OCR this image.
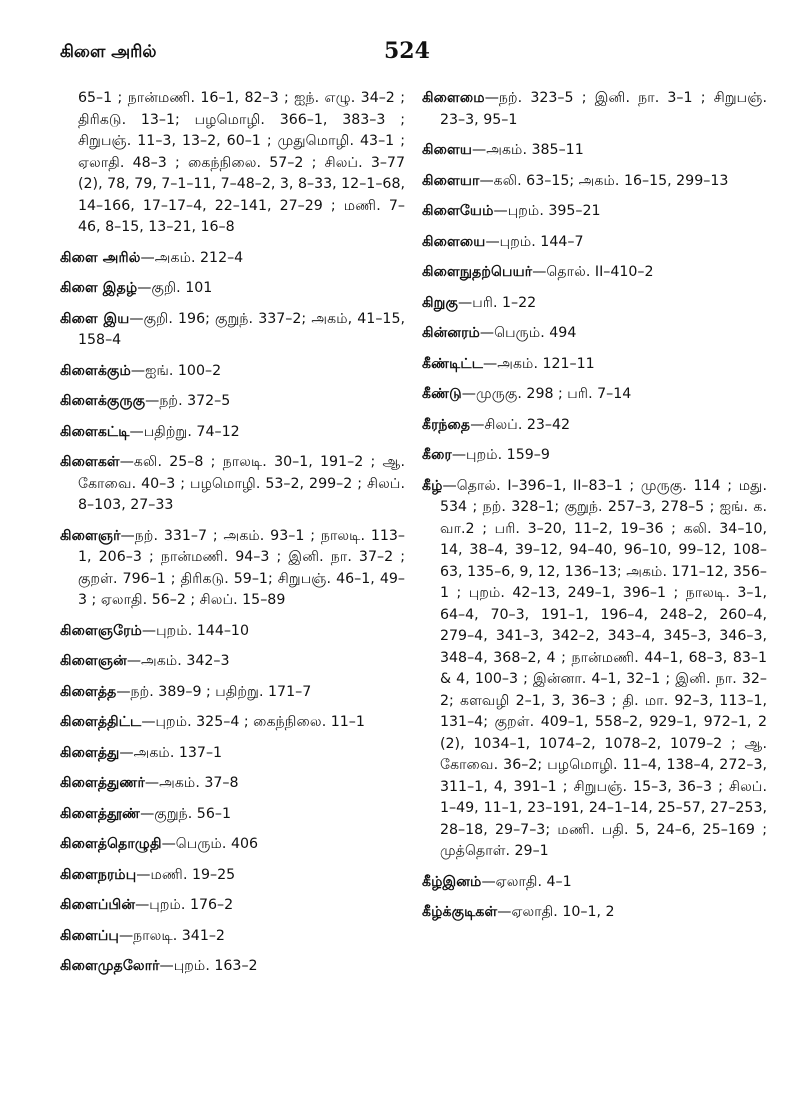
கிளை அரில்	524

65–1 ; நான்மணி. 16–1, 82–3 ; ஐந். எழு. 34–2 ; திரிகடு. 13–1; பழமொழி. 366–1, 383–3 ; சிறுபஞ். 11–3, 13–2, 60–1 ; முதுமொழி. 43–1 ; ஏலாதி. 48–3 ; கைந்நிலை. 57–2 ; சிலப். 3–77 (2), 78, 79, 7–1–11, 7–48–2, 3, 8–33, 12–1–68, 14–166, 17–17–4, 22–141, 27–29 ; மணி. 7–46, 8–15, 13–21, 16–8

கிளை அரில்—அகம். 212–4

கிளை இதழ்—குறி. 101

கிளை இய—குறி. 196; குறுந். 337–2; அகம், 41–15, 158–4

கிளைக்கும்—ஐங். 100–2

கிளைக்குருகு—நற். 372–5

கிளைகட்டி—பதிற்று. 74–12

கிளைகள்—கலி. 25–8 ; நாலடி. 30–1, 191–2 ; ஆ. கோவை. 40–3 ; பழமொழி. 53–2, 299–2 ; சிலப். 8–103, 27–33

கிளைஞர்—நற். 331–7 ; அகம். 93–1 ; நாலடி. 113–1, 206–3 ; நான்மணி. 94–3 ; இனி. நா. 37–2 ; குறள். 796–1 ; திரிகடு. 59–1; சிறுபஞ். 46–1, 49–3 ; ஏலாதி. 56–2 ; சிலப். 15–89

கிளைஞரேம்—புறம். 144–10

கிளைஞன்—அகம். 342–3

கிளைத்த—நற். 389–9 ; பதிற்று. 171–7

கிளைத்திட்ட—புறம். 325–4 ; கைந்நிலை. 11–1

கிளைத்து—அகம். 137–1

கிளைத்துணர்—அகம். 37–8

கிளைத்தூண்—குறுந். 56–1

கிளைத்தொழுதி—பெரும். 406

கிளைநரம்பு—மணி. 19–25

கிளைப்பின்—புறம். 176–2

கிளைப்பு—நாலடி. 341–2

கிளைமுதலோர்—புறம். 163–2

கிளைமை—நற். 323–5 ; இனி. நா. 3–1 ; சிறுபஞ். 23–3, 95–1

கிளைய—அகம். 385–11

கிளையா—கலி. 63–15; அகம். 16–15, 299–13

கிளையேம்—புறம். 395–21

கிளையை—புறம். 144–7

கிளைநுதற்பெயர்—தொல். II–410–2

கிறுகு—பரி. 1–22

கின்னரம்—பெரும். 494

கீண்டிட்ட—அகம். 121–11

கீண்டு—முருகு. 298 ; பரி. 7–14

கீரந்தை—சிலப். 23–42

கீரை—புறம். 159–9

கீழ்—தொல். I–396–1, II–83–1 ; முருகு. 114 ; மது. 534 ; நற். 328–1; குறுந். 257–3, 278–5 ; ஐங். க. வா.2 ; பரி. 3–20, 11–2, 19–36 ; கலி. 34–10, 14, 38–4, 39–12, 94–40, 96–10, 99–12, 108–63, 135–6, 9, 12, 136–13; அகம். 171–12, 356–1 ; புறம். 42–13, 249–1, 396–1 ; நாலடி. 3–1, 64–4, 70–3, 191–1, 196–4, 248–2, 260–4, 279–4, 341–3, 342–2, 343–4, 345–3, 346–3, 348–4, 368–2, 4 ; நான்மணி. 44–1, 68–3, 83–1 & 4, 100–3 ; இன்னா. 4–1, 32–1 ; இனி. நா. 32–2; களவழி 2–1, 3, 36–3 ; தி. மா. 92–3, 113–1, 131–4; குறள். 409–1, 558–2, 929–1, 972–1, 2 (2), 1034–1, 1074–2, 1078–2, 1079–2 ; ஆ. கோவை. 36–2; பழமொழி. 11–4, 138–4, 272–3, 311–1, 4, 391–1 ; சிறுபஞ். 15–3, 36–3 ; சிலப். 1–49, 11–1, 23–191, 24–1–14, 25–57, 27–253, 28–18, 29–7–3; மணி. பதி. 5, 24–6, 25–169 ; முத்தொள். 29–1

கீழ்இனம்—ஏலாதி. 4–1

கீழ்க்குடிகள்—ஏலாதி. 10–1, 2
